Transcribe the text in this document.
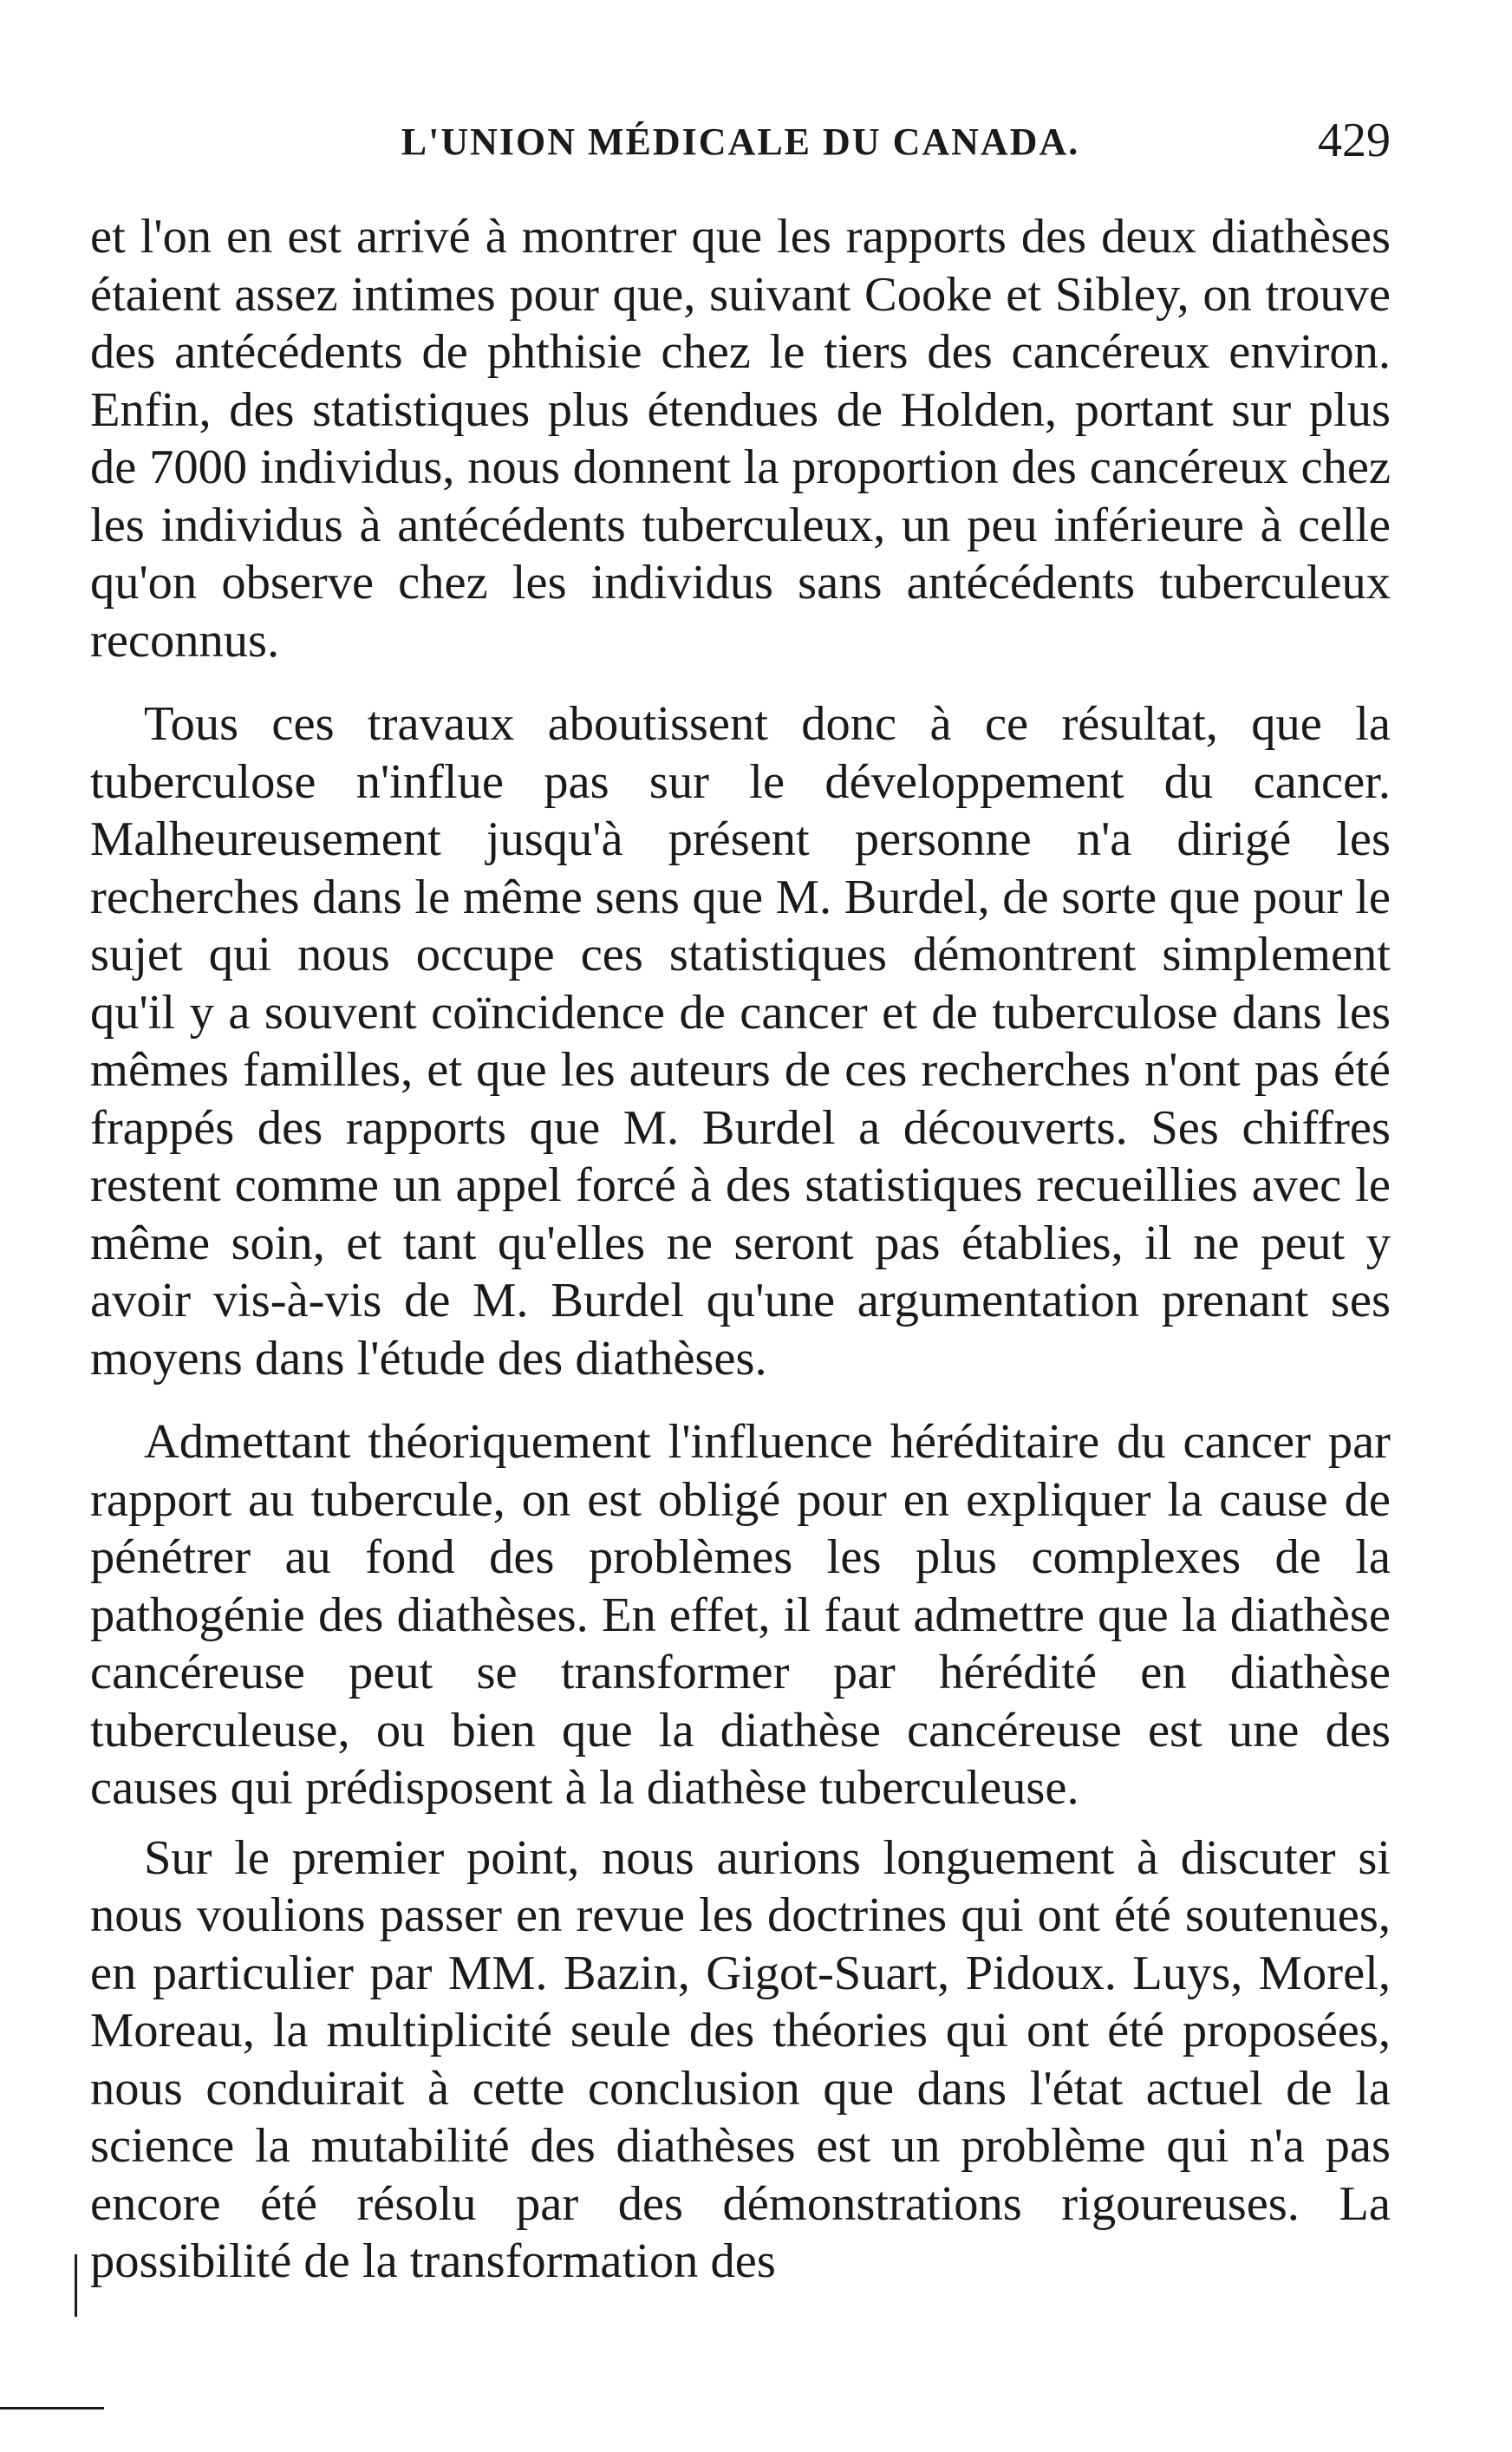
L'UNION MÉDICALE DU CANADA.	429

et l'on en est arrivé à montrer que les rapports des deux diathèses étaient assez intimes pour que, suivant Cooke et Sibley, on trouve des antécédents de phthisie chez le tiers des cancéreux environ. Enfin, des statistiques plus étendues de Holden, portant sur plus de 7000 individus, nous donnent la proportion des cancéreux chez les individus à antécédents tuberculeux, un peu inférieure à celle qu'on observe chez les individus sans antécédents tuberculeux reconnus.

Tous ces travaux aboutissent donc à ce résultat, que la tuberculose n'influe pas sur le développement du cancer. Malheureusement jusqu'à présent personne n'a dirigé les recherches dans le même sens que M. Burdel, de sorte que pour le sujet qui nous occupe ces statistiques démontrent simplement qu'il y a souvent coïncidence de cancer et de tuberculose dans les mêmes familles, et que les auteurs de ces recherches n'ont pas été frappés des rapports que M. Burdel a découverts. Ses chiffres restent comme un appel forcé à des statistiques recueillies avec le même soin, et tant qu'elles ne seront pas établies, il ne peut y avoir vis-à-vis de M. Burdel qu'une argumentation prenant ses moyens dans l'étude des diathèses.

Admettant théoriquement l'influence héréditaire du cancer par rapport au tubercule, on est obligé pour en expliquer la cause de pénétrer au fond des problèmes les plus complexes de la pathogénie des diathèses. En effet, il faut admettre que la diathèse cancéreuse peut se transformer par hérédité en diathèse tuberculeuse, ou bien que la diathèse cancéreuse est une des causes qui prédisposent à la diathèse tuberculeuse.

Sur le premier point, nous aurions longuement à discuter si nous voulions passer en revue les doctrines qui ont été soutenues, en particulier par MM. Bazin, Gigot-Suart, Pidoux. Luys, Morel, Moreau, la multiplicité seule des théories qui ont été proposées, nous conduirait à cette conclusion que dans l'état actuel de la science la mutabilité des diathèses est un problème qui n'a pas encore été résolu par des démonstrations rigoureuses. La possibilité de la transformation des
